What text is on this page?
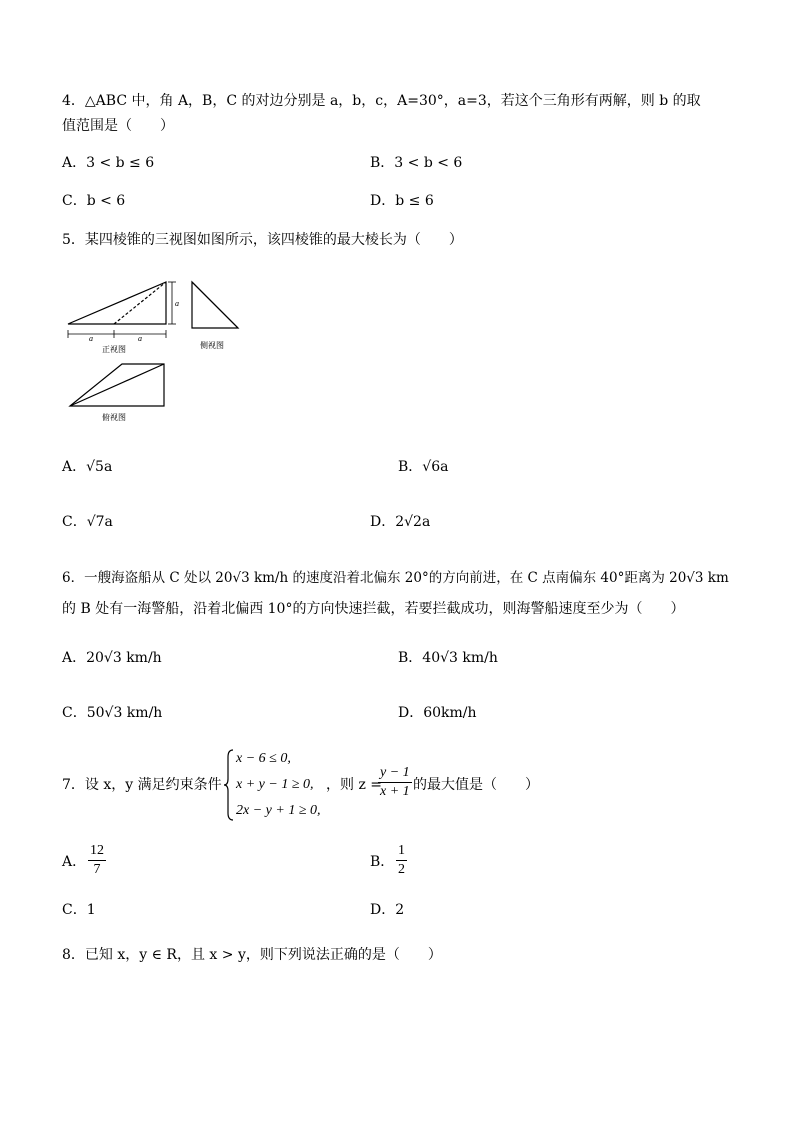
4．△ABC 中，角 A，B，C 的对边分别是 a，b，c，A=30°，a=3，若这个三角形有两解，则 b 的取
值范围是（　　）
A．3 < b ≤ 6	B．3 < b < 6
C．b < 6	D．b ≤ 6
5．某四棱锥的三视图如图所示，该四棱锥的最大棱长为（　　）
a	a
a
正视图	侧视图
俯视图
A．√5a	B．√6a
C．√7a	D．2√2a
6．一艘海盗船从 C 处以 20√3 km/h 的速度沿着北偏东 20°的方向前进，在 C 点南偏东 40°距离为 20√3 km
的 B 处有一海警船，沿着北偏西 10°的方向快速拦截，若要拦截成功，则海警船速度至少为（　　）
A．20√3 km/h	B．40√3 km/h
C．50√3 km/h	D．60km/h
7．设 x，y 满足约束条件
x − 6 ≤ 0,
x + y − 1 ≥ 0,
2x − y + 1 ≥ 0,
，则 z =
$\frac{y - 1}{x + 1}$ 的最大值是（　　）
A． $\frac{12}{7}$	B． $\frac{1}{2}$
C．1	D．2
8．已知 x，y ∈ R，且 x > y，则下列说法正确的是（　　）
